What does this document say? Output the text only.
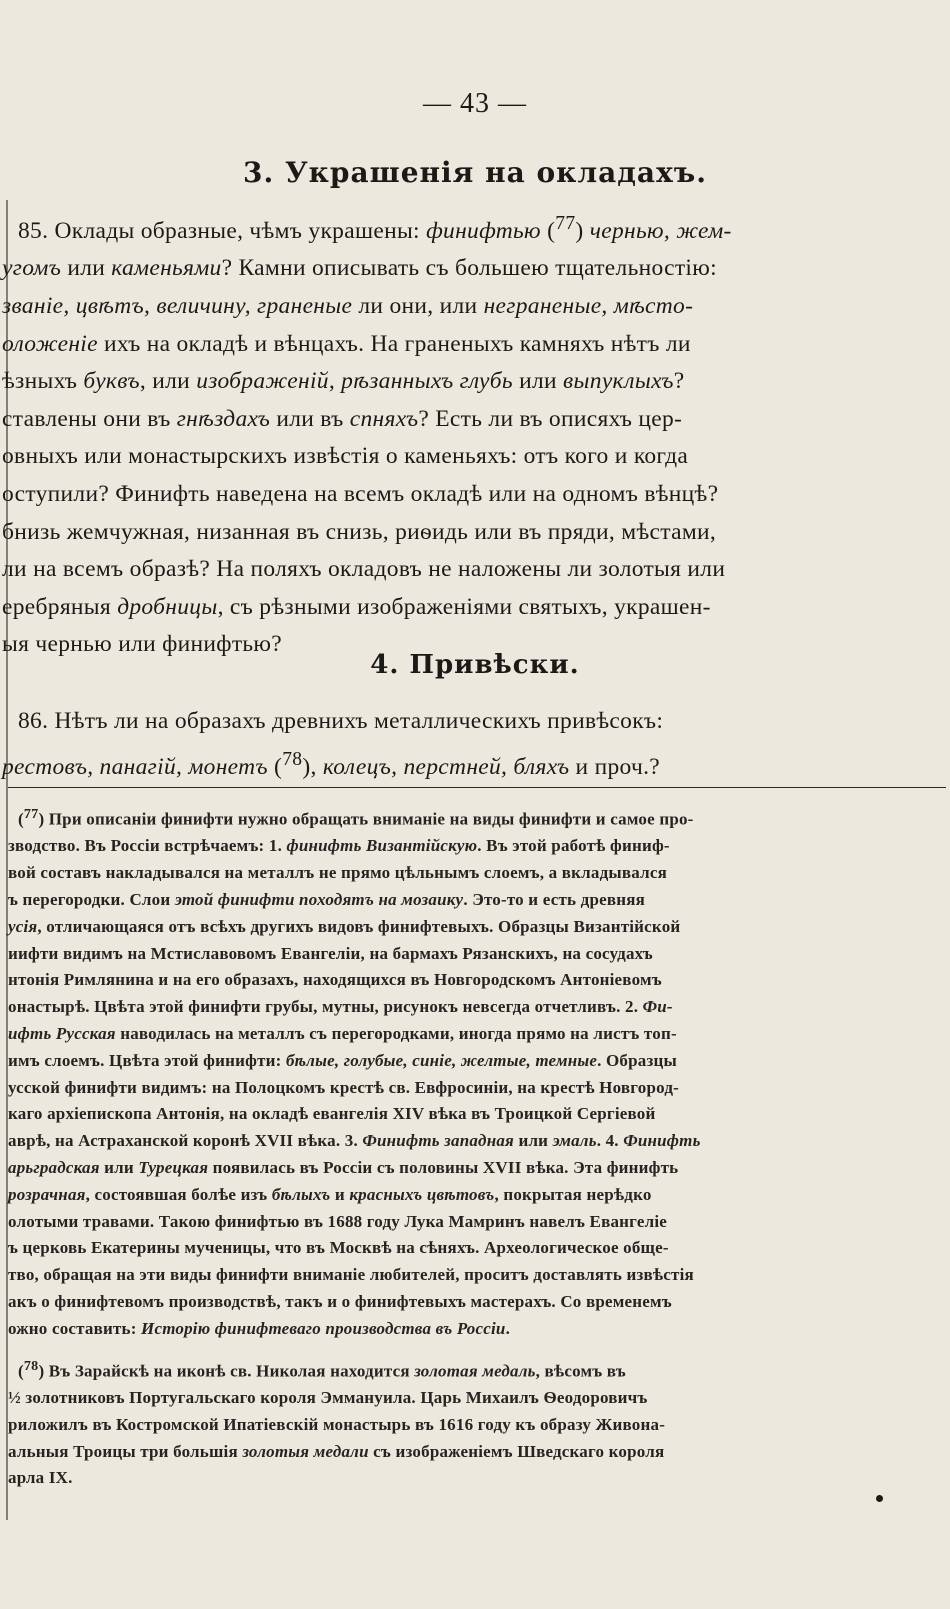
— 43 —
3. Украшенія на окладахъ.
85. Оклады образные, чѣмъ украшены: финифтью ($^{77}$) чернью, жем-
угомъ или каменьями? Камни описывать съ большею тщательностію:
званіе, цвѣтъ, величину, граненые ли они, или неграненые, мѣсто-
оложеніе ихъ на окладѣ и вѣнцахъ. На граненыхъ камняхъ нѣтъ ли
ѣзныхъ буквъ, или изображеній, рѣзанныхъ глубь или выпуклыхъ?
ставлены они въ гнѣздахъ или въ спняхъ? Есть ли въ описяхъ цер-
овныхъ или монастырскихъ извѣстія о каменьяхъ: отъ кого и когда
оступили? Финифть наведена на всемъ окладѣ или на одномъ вѣнцѣ?
бнизь жемчужная, низанная въ снизь, риѳидь или въ пряди, мѣстами,
ли на всемъ образѣ? На поляхъ окладовъ не наложены ли золотыя или
еребряныя дробницы, съ рѣзными изображеніями святыхъ, украшен-
ыя чернью или финифтью?
4. Привѣски.
86. Нѣтъ ли на образахъ древнихъ металлическихъ привѣсокъ:
рестовъ, панагій, монетъ ($^{78}$), колецъ, перстней, бляхъ и проч.?
($^{77}$) При описаніи финифти нужно обращать вниманіе на виды финифти и самое про-
зводство. Въ Россіи встрѣчаемъ: 1. финифть Византійскую. Въ этой работѣ финиф-
вой составъ накладывался на металлъ не прямо цѣльнымъ слоемъ, а вкладывался
ъ перегородки. Слои этой финифти походятъ на мозаику. Это-то и есть древняя
усія, отличающаяся отъ всѣхъ другихъ видовъ финифтевыхъ. Образцы Византійской
иифти видимъ на Мстиславовомъ Евангеліи, на бармахъ Рязанскихъ, на сосудахъ
нтонія Римлянина и на его образахъ, находящихся въ Новгородскомъ Антоніевомъ
онастырѣ. Цвѣта этой финифти грубы, мутны, рисунокъ невсегда отчетливъ. 2. Фи-
ифть Русская наводилась на металлъ съ перегородками, иногда прямо на листъ топ-
имъ слоемъ. Цвѣта этой финифти: бѣлые, голубые, синіе, желтые, темные. Образцы
усской финифти видимъ: на Полоцкомъ крестѣ св. Евфросиніи, на крестѣ Новгород-
каго архіепископа Антонія, на окладѣ евангелія XIV вѣка въ Троицкой Сергіевой
аврѣ, на Астраханской коронѣ XVII вѣка. 3. Финифть западная или эмаль. 4. Финифть
арьградская или Турецкая появилась въ Россіи съ половины XVII вѣка. Эта финифть
розрачная, состоявшая болѣе изъ бѣлыхъ и красныхъ цвѣтовъ, покрытая нерѣдко
олотыми травами. Такою финифтью въ 1688 году Лука Мамринъ навелъ Евангеліе
ъ церковь Екатерины мученицы, что въ Москвѣ на сѣняхъ. Археологическое обще-
тво, обращая на эти виды финифти вниманіе любителей, проситъ доставлять извѣстія
акъ о финифтевомъ производствѣ, такъ и о финифтевыхъ мастерахъ. Со временемъ
ожно составить: Исторію финифтеваго производства въ Россіи.
($^{78}$) Въ Зарайскѣ на иконѣ св. Николая находится золотая медаль, вѣсомъ въ
½ золотниковъ Португальскаго короля Эммануила. Царь Михаилъ Ѳеодоровичъ
риложилъ въ Костромской Ипатіевскій монастырь въ 1616 году къ образу Живона-
альныя Троицы три большія золотыя медали съ изображеніемъ Шведскаго короля
арла IX.
